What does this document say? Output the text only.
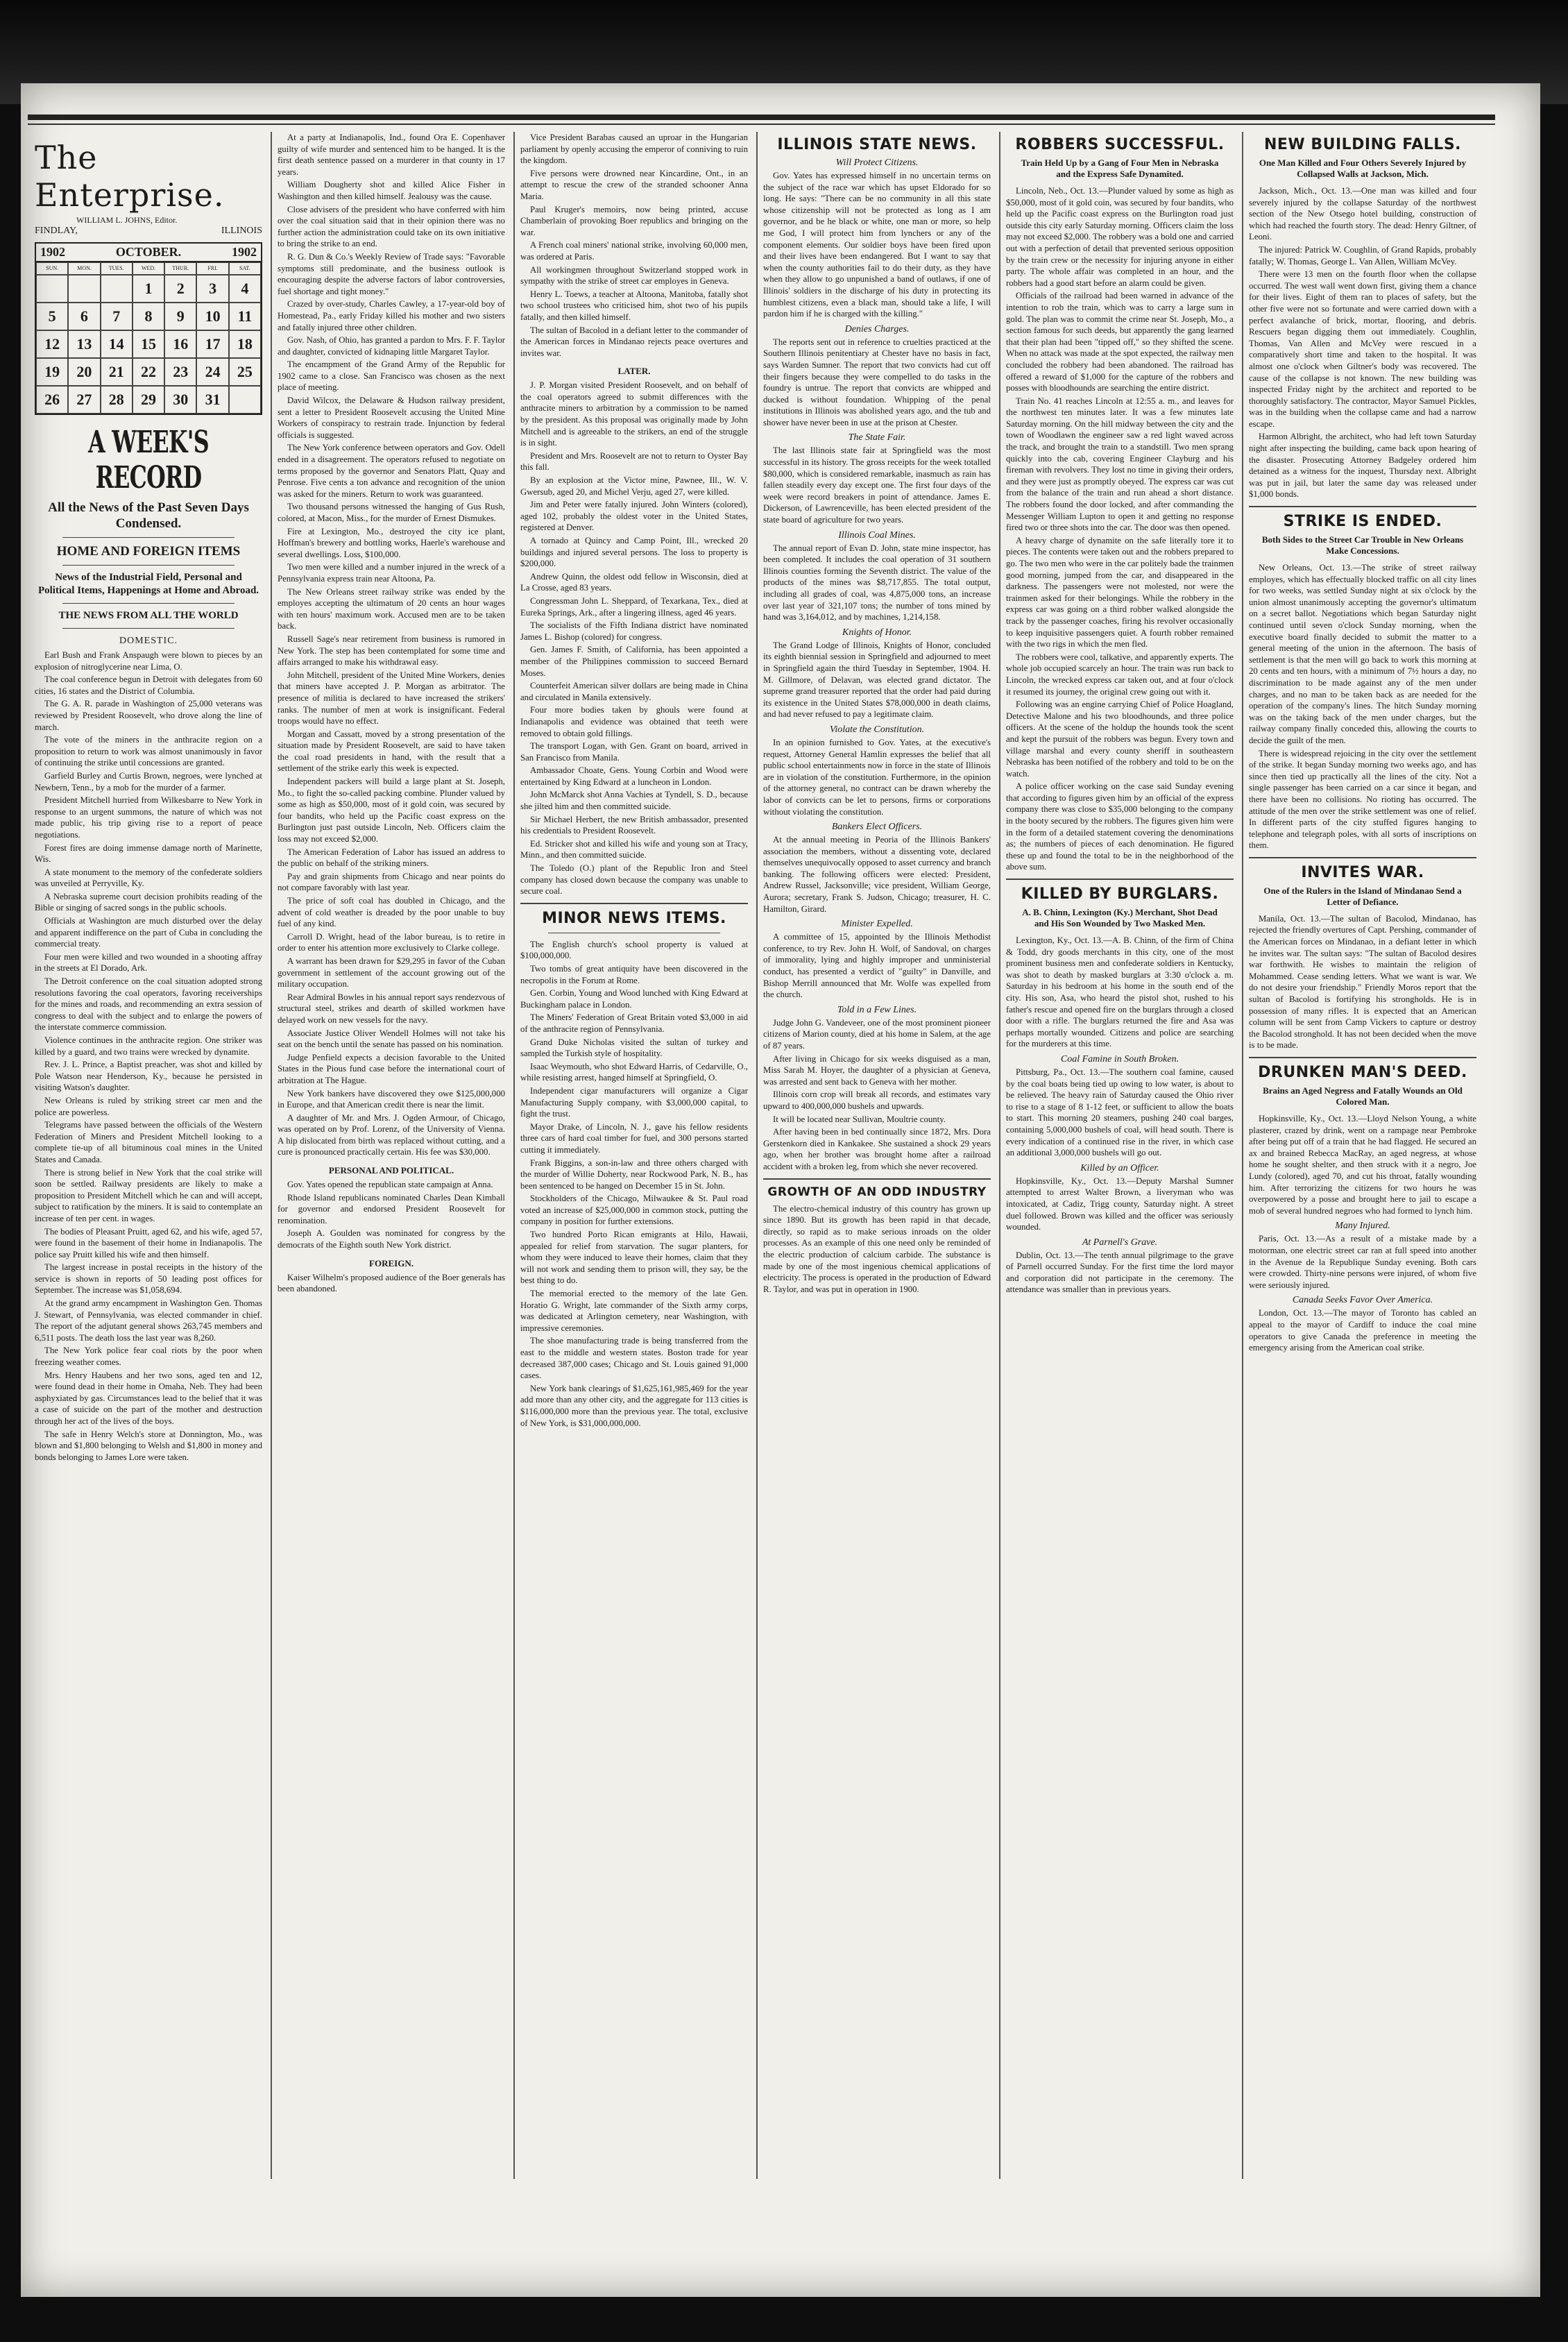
The Enterprise.
WILLIAM L. JOHNS, Editor.
FINDLAY,	ILLINOIS
1902	OCTOBER.	1902
SUN.	MON.	TUES.	WED.	THUR.	FRI.	SAT.
1	2	3	4
5	6	7	8	9	10	11
12	13	14	15	16	17	18
19	20	21	22	23	24	25
26	27	28	29	30	31
A WEEK'S RECORD
All the News of the Past Seven Days Condensed.
HOME AND FOREIGN ITEMS
News of the Industrial Field, Personal and Political Items, Happenings at Home and Abroad.
THE NEWS FROM ALL THE WORLD
DOMESTIC.

Earl Bush and Frank Anspaugh were blown to pieces by an explosion of nitroglycerine near Lima, O.

The coal conference begun in Detroit with delegates from 60 cities, 16 states and the District of Columbia.

The G. A. R. parade in Washington of 25,000 veterans was reviewed by President Roosevelt, who drove along the line of march.

The vote of the miners in the anthracite region on a proposition to return to work was almost unanimously in favor of continuing the strike until concessions are granted.

Garfield Burley and Curtis Brown, negroes, were lynched at Newbern, Tenn., by a mob for the murder of a farmer.

President Mitchell hurried from Wilkesbarre to New York in response to an urgent summons, the nature of which was not made public, his trip giving rise to a report of peace negotiations.

Forest fires are doing immense damage north of Marinette, Wis.

A state monument to the memory of the confederate soldiers was unveiled at Perryville, Ky.

A Nebraska supreme court decision prohibits reading of the Bible or singing of sacred songs in the public schools.

Officials at Washington are much disturbed over the delay and apparent indifference on the part of Cuba in concluding the commercial treaty.

Four men were killed and two wounded in a shooting affray in the streets at El Dorado, Ark.

The Detroit conference on the coal situation adopted strong resolutions favoring the coal operators, favoring receiverships for the mines and roads, and recommending an extra session of congress to deal with the subject and to enlarge the powers of the interstate commerce commission.

Violence continues in the anthracite region. One striker was killed by a guard, and two trains were wrecked by dynamite.

Rev. J. L. Prince, a Baptist preacher, was shot and killed by Pole Watson near Henderson, Ky., because he persisted in visiting Watson's daughter.

New Orleans is ruled by striking street car men and the police are powerless.

Telegrams have passed between the officials of the Western Federation of Miners and President Mitchell looking to a complete tie-up of all bituminous coal mines in the United States and Canada.

There is strong belief in New York that the coal strike will soon be settled. Railway presidents are likely to make a proposition to President Mitchell which he can and will accept, subject to ratification by the miners. It is said to contemplate an increase of ten per cent. in wages.

The bodies of Pleasant Pruitt, aged 62, and his wife, aged 57, were found in the basement of their home in Indianapolis. The police say Pruitt killed his wife and then himself.

The largest increase in postal receipts in the history of the service is shown in reports of 50 leading post offices for September. The increase was $1,058,694.

At the grand army encampment in Washington Gen. Thomas J. Stewart, of Pennsylvania, was elected commander in chief. The report of the adjutant general shows 263,745 members and 6,511 posts. The death loss the last year was 8,260.

The New York police fear coal riots by the poor when freezing weather comes.

Mrs. Henry Haubens and her two sons, aged ten and 12, were found dead in their home in Omaha, Neb. They had been asphyxiated by gas. Circumstances lead to the belief that it was a case of suicide on the part of the mother and destruction through her act of the lives of the boys.

The safe in Henry Welch's store at Donnington, Mo., was blown and $1,800 belonging to Welsh and $1,800 in money and bonds belonging to James Lore were taken.

At a party at Indianapolis, Ind., found Ora E. Copenhaver guilty of wife murder and sentenced him to be hanged. It is the first death sentence passed on a murderer in that county in 17 years.

William Dougherty shot and killed Alice Fisher in Washington and then killed himself. Jealousy was the cause.

Close advisers of the president who have conferred with him over the coal situation said that in their opinion there was no further action the administration could take on its own initiative to bring the strike to an end.

R. G. Dun & Co.'s Weekly Review of Trade says: "Favorable symptoms still predominate, and the business outlook is encouraging despite the adverse factors of labor controversies, fuel shortage and tight money."

Crazed by over-study, Charles Cawley, a 17-year-old boy of Homestead, Pa., early Friday killed his mother and two sisters and fatally injured three other children.

Gov. Nash, of Ohio, has granted a pardon to Mrs. F. F. Taylor and daughter, convicted of kidnaping little Margaret Taylor.

The encampment of the Grand Army of the Republic for 1902 came to a close. San Francisco was chosen as the next place of meeting.

David Wilcox, the Delaware & Hudson railway president, sent a letter to President Roosevelt accusing the United Mine Workers of conspiracy to restrain trade. Injunction by federal officials is suggested.

The New York conference between operators and Gov. Odell ended in a disagreement. The operators refused to negotiate on terms proposed by the governor and Senators Platt, Quay and Penrose. Five cents a ton advance and recognition of the union was asked for the miners. Return to work was guaranteed.

Two thousand persons witnessed the hanging of Gus Rush, colored, at Macon, Miss., for the murder of Ernest Dismukes.

Fire at Lexington, Mo., destroyed the city ice plant, Hoffman's brewery and bottling works, Haerle's warehouse and several dwellings. Loss, $100,000.

Two men were killed and a number injured in the wreck of a Pennsylvania express train near Altoona, Pa.

The New Orleans street railway strike was ended by the employes accepting the ultimatum of 20 cents an hour wages with ten hours' maximum work. Accused men are to be taken back.

Russell Sage's near retirement from business is rumored in New York. The step has been contemplated for some time and affairs arranged to make his withdrawal easy.

John Mitchell, president of the United Mine Workers, denies that miners have accepted J. P. Morgan as arbitrator. The presence of militia is declared to have increased the strikers' ranks. The number of men at work is insignificant. Federal troops would have no effect.

Morgan and Cassatt, moved by a strong presentation of the situation made by President Roosevelt, are said to have taken the coal road presidents in hand, with the result that a settlement of the strike early this week is expected.

Independent packers will build a large plant at St. Joseph, Mo., to fight the so-called packing combine. Plunder valued by some as high as $50,000, most of it gold coin, was secured by four bandits, who held up the Pacific coast express on the Burlington just past outside Lincoln, Neb. Officers claim the loss may not exceed $2,000.

The American Federation of Labor has issued an address to the public on behalf of the striking miners.

Pay and grain shipments from Chicago and near points do not compare favorably with last year.

The price of soft coal has doubled in Chicago, and the advent of cold weather is dreaded by the poor unable to buy fuel of any kind.

Carroll D. Wright, head of the labor bureau, is to retire in order to enter his attention more exclusively to Clarke college.

A warrant has been drawn for $29,295 in favor of the Cuban government in settlement of the account growing out of the military occupation.

Rear Admiral Bowles in his annual report says rendezvous of structural steel, strikes and dearth of skilled workmen have delayed work on new vessels for the navy.

Associate Justice Oliver Wendell Holmes will not take his seat on the bench until the senate has passed on his nomination.

Judge Penfield expects a decision favorable to the United States in the Pious fund case before the international court of arbitration at The Hague.

New York bankers have discovered they owe $125,000,000 in Europe, and that American credit there is near the limit.

A daughter of Mr. and Mrs. J. Ogden Armour, of Chicago, was operated on by Prof. Lorenz, of the University of Vienna. A hip dislocated from birth was replaced without cutting, and a cure is pronounced practically certain. His fee was $30,000.

PERSONAL AND POLITICAL.

Gov. Yates opened the republican state campaign at Anna.

Rhode Island republicans nominated Charles Dean Kimball for governor and endorsed President Roosevelt for renomination.

Joseph A. Goulden was nominated for congress by the democrats of the Eighth south New York district.

FOREIGN.

Kaiser Wilhelm's proposed audience of the Boer generals has been abandoned.

Vice President Barabas caused an uproar in the Hungarian parliament by openly accusing the emperor of conniving to ruin the kingdom.

Five persons were drowned near Kincardine, Ont., in an attempt to rescue the crew of the stranded schooner Anna Maria.

Paul Kruger's memoirs, now being printed, accuse Chamberlain of provoking Boer republics and bringing on the war.

A French coal miners' national strike, involving 60,000 men, was ordered at Paris.

All workingmen throughout Switzerland stopped work in sympathy with the strike of street car employes in Geneva.

Henry L. Toews, a teacher at Altoona, Manitoba, fatally shot two school trustees who criticised him, shot two of his pupils fatally, and then killed himself.

The sultan of Bacolod in a defiant letter to the commander of the American forces in Mindanao rejects peace overtures and invites war.

LATER.

J. P. Morgan visited President Roosevelt, and on behalf of the coal operators agreed to submit differences with the anthracite miners to arbitration by a commission to be named by the president. As this proposal was originally made by John Mitchell and is agreeable to the strikers, an end of the struggle is in sight.

President and Mrs. Roosevelt are not to return to Oyster Bay this fall.

By an explosion at the Victor mine, Pawnee, Ill., W. V. Gwersub, aged 20, and Michel Verju, aged 27, were killed.

Jim and Peter were fatally injured. John Winters (colored), aged 102, probably the oldest voter in the United States, registered at Denver.

A tornado at Quincy and Camp Point, Ill., wrecked 20 buildings and injured several persons. The loss to property is $200,000.

Andrew Quinn, the oldest odd fellow in Wisconsin, died at La Crosse, aged 83 years.

Congressman John L. Sheppard, of Texarkana, Tex., died at Eureka Springs, Ark., after a lingering illness, aged 46 years.

The socialists of the Fifth Indiana district have nominated James L. Bishop (colored) for congress.

Gen. James F. Smith, of California, has been appointed a member of the Philippines commission to succeed Bernard Moses.

Counterfeit American silver dollars are being made in China and circulated in Manila extensively.

Four more bodies taken by ghouls were found at Indianapolis and evidence was obtained that teeth were removed to obtain gold fillings.

The transport Logan, with Gen. Grant on board, arrived in San Francisco from Manila.

Ambassador Choate, Gens. Young Corbin and Wood were entertained by King Edward at a luncheon in London.

John McMarck shot Anna Vachies at Tyndell, S. D., because she jilted him and then committed suicide.

Sir Michael Herbert, the new British ambassador, presented his credentials to President Roosevelt.

Ed. Stricker shot and killed his wife and young son at Tracy, Minn., and then committed suicide.

The Toledo (O.) plant of the Republic Iron and Steel company has closed down because the company was unable to secure coal.

MINOR NEWS ITEMS.

The English church's school property is valued at $100,000,000.

Two tombs of great antiquity have been discovered in the necropolis in the Forum at Rome.

Gen. Corbin, Young and Wood lunched with King Edward at Buckingham palace in London.

The Miners' Federation of Great Britain voted $3,000 in aid of the anthracite region of Pennsylvania.

Grand Duke Nicholas visited the sultan of turkey and sampled the Turkish style of hospitality.

Isaac Weymouth, who shot Edward Harris, of Cedarville, O., while resisting arrest, hanged himself at Springfield, O.

Independent cigar manufacturers will organize a Cigar Manufacturing Supply company, with $3,000,000 capital, to fight the trust.

Mayor Drake, of Lincoln, N. J., gave his fellow residents three cars of hard coal timber for fuel, and 300 persons started cutting it immediately.

Frank Biggins, a son-in-law and three others charged with the murder of Willie Doherty, near Rockwood Park, N. B., has been sentenced to be hanged on December 15 in St. John.

Stockholders of the Chicago, Milwaukee & St. Paul road voted an increase of $25,000,000 in common stock, putting the company in position for further extensions.

Two hundred Porto Rican emigrants at Hilo, Hawaii, appealed for relief from starvation. The sugar planters, for whom they were induced to leave their homes, claim that they will not work and sending them to prison will, they say, be the best thing to do.

The memorial erected to the memory of the late Gen. Horatio G. Wright, late commander of the Sixth army corps, was dedicated at Arlington cemetery, near Washington, with impressive ceremonies.

The shoe manufacturing trade is being transferred from the east to the middle and western states. Boston trade for year decreased 387,000 cases; Chicago and St. Louis gained 91,000 cases.

New York bank clearings of $1,625,161,985,469 for the year add more than any other city, and the aggregate for 113 cities is $116,000,000 more than the previous year. The total, exclusive of New York, is $31,000,000,000.

ILLINOIS STATE NEWS.
Will Protect Citizens.

Gov. Yates has expressed himself in no uncertain terms on the subject of the race war which has upset Eldorado for so long. He says: "There can be no community in all this state whose citizenship will not be protected as long as I am governor, and be he black or white, one man or more, so help me God, I will protect him from lynchers or any of the component elements. Our soldier boys have been fired upon and their lives have been endangered. But I want to say that when the county authorities fail to do their duty, as they have when they allow to go unpunished a band of outlaws, if one of Illinois' soldiers in the discharge of his duty in protecting its humblest citizens, even a black man, should take a life, I will pardon him if he is charged with the killing."

Denies Charges.

The reports sent out in reference to cruelties practiced at the Southern Illinois penitentiary at Chester have no basis in fact, says Warden Sumner. The report that two convicts had cut off their fingers because they were compelled to do tasks in the foundry is untrue. The report that convicts are whipped and ducked is without foundation. Whipping of the penal institutions in Illinois was abolished years ago, and the tub and shower have never been in use at the prison at Chester.

The State Fair.

The last Illinois state fair at Springfield was the most successful in its history. The gross receipts for the week totalled $80,000, which is considered remarkable, inasmuch as rain has fallen steadily every day except one. The first four days of the week were record breakers in point of attendance. James E. Dickerson, of Lawrenceville, has been elected president of the state board of agriculture for two years.

Illinois Coal Mines.

The annual report of Evan D. John, state mine inspector, has been completed. It includes the coal operation of 31 southern Illinois counties forming the Seventh district. The value of the products of the mines was $8,717,855. The total output, including all grades of coal, was 4,875,000 tons, an increase over last year of 321,107 tons; the number of tons mined by hand was 3,164,012, and by machines, 1,214,158.

Knights of Honor.

The Grand Lodge of Illinois, Knights of Honor, concluded its eighth biennial session in Springfield and adjourned to meet in Springfield again the third Tuesday in September, 1904. H. M. Gillmore, of Delavan, was elected grand dictator. The supreme grand treasurer reported that the order had paid during its existence in the United States $78,000,000 in death claims, and had never refused to pay a legitimate claim.

Violate the Constitution.

In an opinion furnished to Gov. Yates, at the executive's request, Attorney General Hamlin expresses the belief that all public school entertainments now in force in the state of Illinois are in violation of the constitution. Furthermore, in the opinion of the attorney general, no contract can be drawn whereby the labor of convicts can be let to persons, firms or corporations without violating the constitution.

Bankers Elect Officers.

At the annual meeting in Peoria of the Illinois Bankers' association the members, without a dissenting vote, declared themselves unequivocally opposed to asset currency and branch banking. The following officers were elected: President, Andrew Russel, Jacksonville; vice president, William George, Aurora; secretary, Frank S. Judson, Chicago; treasurer, H. C. Hamilton, Girard.

Minister Expelled.

A committee of 15, appointed by the Illinois Methodist conference, to try Rev. John H. Wolf, of Sandoval, on charges of immorality, lying and highly improper and unministerial conduct, has presented a verdict of "guilty" in Danville, and Bishop Merrill announced that Mr. Wolfe was expelled from the church.

Told in a Few Lines.

Judge John G. Vandeveer, one of the most prominent pioneer citizens of Marion county, died at his home in Salem, at the age of 87 years.

After living in Chicago for six weeks disguised as a man, Miss Sarah M. Hoyer, the daughter of a physician at Geneva, was arrested and sent back to Geneva with her mother.

Illinois corn crop will break all records, and estimates vary upward to 400,000,000 bushels and upwards.

It will be located near Sullivan, Moultrie county.

After having been in bed continually since 1872, Mrs. Dora Gerstenkorn died in Kankakee. She sustained a shock 29 years ago, when her brother was brought home after a railroad accident with a broken leg, from which she never recovered.

GROWTH OF AN ODD INDUSTRY

The electro-chemical industry of this country has grown up since 1890. But its growth has been rapid in that decade, directly, so rapid as to make serious inroads on the older processes. As an example of this one need only be reminded of the electric production of calcium carbide. The substance is made by one of the most ingenious chemical applications of electricity. The process is operated in the production of Edward R. Taylor, and was put in operation in 1900.

ROBBERS SUCCESSFUL.
Train Held Up by a Gang of Four Men in Nebraska and the Express Safe Dynamited.

Lincoln, Neb., Oct. 13.—Plunder valued by some as high as $50,000, most of it gold coin, was secured by four bandits, who held up the Pacific coast express on the Burlington road just outside this city early Saturday morning. Officers claim the loss may not exceed $2,000. The robbery was a bold one and carried out with a perfection of detail that prevented serious opposition by the train crew or the necessity for injuring anyone in either party. The whole affair was completed in an hour, and the robbers had a good start before an alarm could be given.

Officials of the railroad had been warned in advance of the intention to rob the train, which was to carry a large sum in gold. The plan was to commit the crime near St. Joseph, Mo., a section famous for such deeds, but apparently the gang learned that their plan had been "tipped off," so they shifted the scene. When no attack was made at the spot expected, the railway men concluded the robbery had been abandoned. The railroad has offered a reward of $1,000 for the capture of the robbers and posses with bloodhounds are searching the entire district.

Train No. 41 reaches Lincoln at 12:55 a. m., and leaves for the northwest ten minutes later. It was a few minutes late Saturday morning. On the hill midway between the city and the town of Woodlawn the engineer saw a red light waved across the track, and brought the train to a standstill. Two men sprang quickly into the cab, covering Engineer Clayburg and his fireman with revolvers. They lost no time in giving their orders, and they were just as promptly obeyed. The express car was cut from the balance of the train and run ahead a short distance. The robbers found the door locked, and after commanding the Messenger William Lupton to open it and getting no response fired two or three shots into the car. The door was then opened.

A heavy charge of dynamite on the safe literally tore it to pieces. The contents were taken out and the robbers prepared to go. The two men who were in the car politely bade the trainmen good morning, jumped from the car, and disappeared in the darkness. The passengers were not molested, nor were the trainmen asked for their belongings. While the robbery in the express car was going on a third robber walked alongside the track by the passenger coaches, firing his revolver occasionally to keep inquisitive passengers quiet. A fourth robber remained with the two rigs in which the men fled.

The robbers were cool, talkative, and apparently experts. The whole job occupied scarcely an hour. The train was run back to Lincoln, the wrecked express car taken out, and at four o'clock it resumed its journey, the original crew going out with it.

Following was an engine carrying Chief of Police Hoagland, Detective Malone and his two bloodhounds, and three police officers. At the scene of the holdup the hounds took the scent and kept the pursuit of the robbers was begun. Every town and village marshal and every county sheriff in southeastern Nebraska has been notified of the robbery and told to be on the watch.

A police officer working on the case said Sunday evening that according to figures given him by an official of the express company there was close to $35,000 belonging to the company in the booty secured by the robbers. The figures given him were in the form of a detailed statement covering the denominations as; the numbers of pieces of each denomination. He figured these up and found the total to be in the neighborhood of the above sum.

KILLED BY BURGLARS.
A. B. Chinn, Lexington (Ky.) Merchant, Shot Dead and His Son Wounded by Two Masked Men.

Lexington, Ky., Oct. 13.—A. B. Chinn, of the firm of China & Todd, dry goods merchants in this city, one of the most prominent business men and confederate soldiers in Kentucky, was shot to death by masked burglars at 3:30 o'clock a. m. Saturday in his bedroom at his home in the south end of the city. His son, Asa, who heard the pistol shot, rushed to his father's rescue and opened fire on the burglars through a closed door with a rifle. The burglars returned the fire and Asa was perhaps mortally wounded. Citizens and police are searching for the murderers at this time.

Coal Famine in South Broken.

Pittsburg, Pa., Oct. 13.—The southern coal famine, caused by the coal boats being tied up owing to low water, is about to be relieved. The heavy rain of Saturday caused the Ohio river to rise to a stage of 8 1-12 feet, or sufficient to allow the boats to start. This morning 20 steamers, pushing 240 coal barges, containing 5,000,000 bushels of coal, will head south. There is every indication of a continued rise in the river, in which case an additional 3,000,000 bushels will go out.

Killed by an Officer.

Hopkinsville, Ky., Oct. 13.—Deputy Marshal Sumner attempted to arrest Walter Brown, a liveryman who was intoxicated, at Cadiz, Trigg county, Saturday night. A street duel followed. Brown was killed and the officer was seriously wounded.

At Parnell's Grave.

Dublin, Oct. 13.—The tenth annual pilgrimage to the grave of Parnell occurred Sunday. For the first time the lord mayor and corporation did not participate in the ceremony. The attendance was smaller than in previous years.

NEW BUILDING FALLS.
One Man Killed and Four Others Severely Injured by Collapsed Walls at Jackson, Mich.

Jackson, Mich., Oct. 13.—One man was killed and four severely injured by the collapse Saturday of the northwest section of the New Otsego hotel building, construction of which had reached the fourth story. The dead: Henry Giltner, of Leoni.

The injured: Patrick W. Coughlin, of Grand Rapids, probably fatally; W. Thomas, George L. Van Allen, William McVey.

There were 13 men on the fourth floor when the collapse occurred. The west wall went down first, giving them a chance for their lives. Eight of them ran to places of safety, but the other five were not so fortunate and were carried down with a perfect avalanche of brick, mortar, flooring, and debris. Rescuers began digging them out immediately. Coughlin, Thomas, Van Allen and McVey were rescued in a comparatively short time and taken to the hospital. It was almost one o'clock when Giltner's body was recovered. The cause of the collapse is not known. The new building was inspected Friday night by the architect and reported to be thoroughly satisfactory. The contractor, Mayor Samuel Pickles, was in the building when the collapse came and had a narrow escape.

Harmon Albright, the architect, who had left town Saturday night after inspecting the building, came back upon hearing of the disaster. Prosecuting Attorney Badgeley ordered him detained as a witness for the inquest, Thursday next. Albright was put in jail, but later the same day was released under $1,000 bonds.

STRIKE IS ENDED.
Both Sides to the Street Car Trouble in New Orleans Make Concessions.

New Orleans, Oct. 13.—The strike of street railway employes, which has effectually blocked traffic on all city lines for two weeks, was settled Sunday night at six o'clock by the union almost unanimously accepting the governor's ultimatum on a secret ballot. Negotiations which began Saturday night continued until seven o'clock Sunday morning, when the executive board finally decided to submit the matter to a general meeting of the union in the afternoon. The basis of settlement is that the men will go back to work this morning at 20 cents and ten hours, with a minimum of 7½ hours a day, no discrimination to be made against any of the men under charges, and no man to be taken back as are needed for the operation of the company's lines. The hitch Sunday morning was on the taking back of the men under charges, but the railway company finally conceded this, allowing the courts to decide the guilt of the men.

There is widespread rejoicing in the city over the settlement of the strike. It began Sunday morning two weeks ago, and has since then tied up practically all the lines of the city. Not a single passenger has been carried on a car since it began, and there have been no collisions. No rioting has occurred. The attitude of the men over the strike settlement was one of relief. In different parts of the city stuffed figures hanging to telephone and telegraph poles, with all sorts of inscriptions on them.

INVITES WAR.
One of the Rulers in the Island of Mindanao Send a Letter of Defiance.

Manila, Oct. 13.—The sultan of Bacolod, Mindanao, has rejected the friendly overtures of Capt. Pershing, commander of the American forces on Mindanao, in a defiant letter in which he invites war. The sultan says: "The sultan of Bacolod desires war forthwith. He wishes to maintain the religion of Mohammed. Cease sending letters. What we want is war. We do not desire your friendship." Friendly Moros report that the sultan of Bacolod is fortifying his strongholds. He is in possession of many rifles. It is expected that an American column will be sent from Camp Vickers to capture or destroy the Bacolod stronghold. It has not been decided when the move is to be made.

DRUNKEN MAN'S DEED.
Brains an Aged Negress and Fatally Wounds an Old Colored Man.

Hopkinsville, Ky., Oct. 13.—Lloyd Nelson Young, a white plasterer, crazed by drink, went on a rampage near Pembroke after being put off of a train that he had flagged. He secured an ax and brained Rebecca MacRay, an aged negress, at whose home he sought shelter, and then struck with it a negro, Joe Lundy (colored), aged 70, and cut his throat, fatally wounding him. After terrorizing the citizens for two hours he was overpowered by a posse and brought here to jail to escape a mob of several hundred negroes who had formed to lynch him.

Many Injured.

Paris, Oct. 13.—As a result of a mistake made by a motorman, one electric street car ran at full speed into another in the Avenue de la Republique Sunday evening. Both cars were crowded. Thirty-nine persons were injured, of whom five were seriously injured.

Canada Seeks Favor Over America.

London, Oct. 13.—The mayor of Toronto has cabled an appeal to the mayor of Cardiff to induce the coal mine operators to give Canada the preference in meeting the emergency arising from the American coal strike.
